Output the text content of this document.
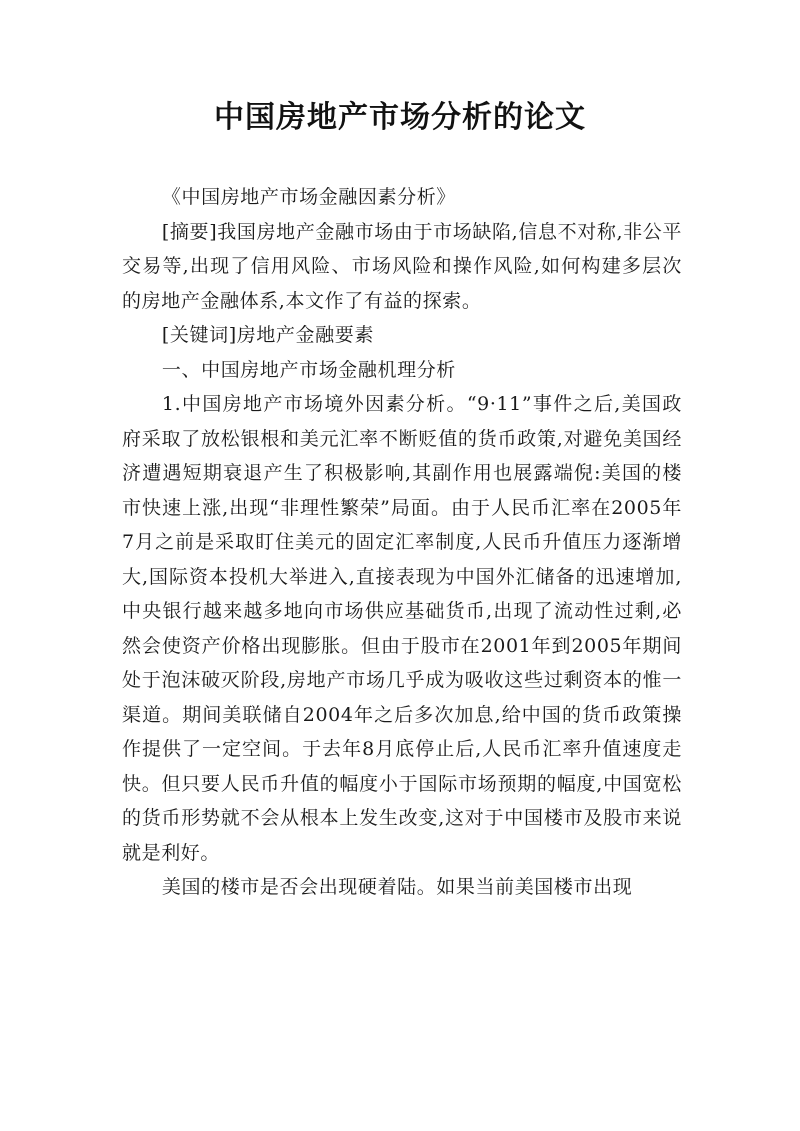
中国房地产市场分析的论文

《中国房地产市场金融因素分析》

[摘要]我国房地产金融市场由于市场缺陷,信息不对称,非公平交易等,出现了信用风险、市场风险和操作风险,如何构建多层次的房地产金融体系,本文作了有益的探索。

[关键词]房地产金融要素

一、中国房地产市场金融机理分析

1.中国房地产市场境外因素分析。“9·11”事件之后,美国政府采取了放松银根和美元汇率不断贬值的货币政策,对避免美国经济遭遇短期衰退产生了积极影响,其副作用也展露端倪:美国的楼市快速上涨,出现“非理性繁荣”局面。由于人民币汇率在2005年7月之前是采取盯住美元的固定汇率制度,人民币升值压力逐渐增大,国际资本投机大举进入,直接表现为中国外汇储备的迅速增加,中央银行越来越多地向市场供应基础货币,出现了流动性过剩,必然会使资产价格出现膨胀。但由于股市在2001年到2005年期间处于泡沫破灭阶段,房地产市场几乎成为吸收这些过剩资本的惟一渠道。期间美联储自2004年之后多次加息,给中国的货币政策操作提供了一定空间。于去年8月底停止后,人民币汇率升值速度走快。但只要人民币升值的幅度小于国际市场预期的幅度,中国宽松的货币形势就不会从根本上发生改变,这对于中国楼市及股市来说就是利好。

美国的楼市是否会出现硬着陆。如果当前美国楼市出现
